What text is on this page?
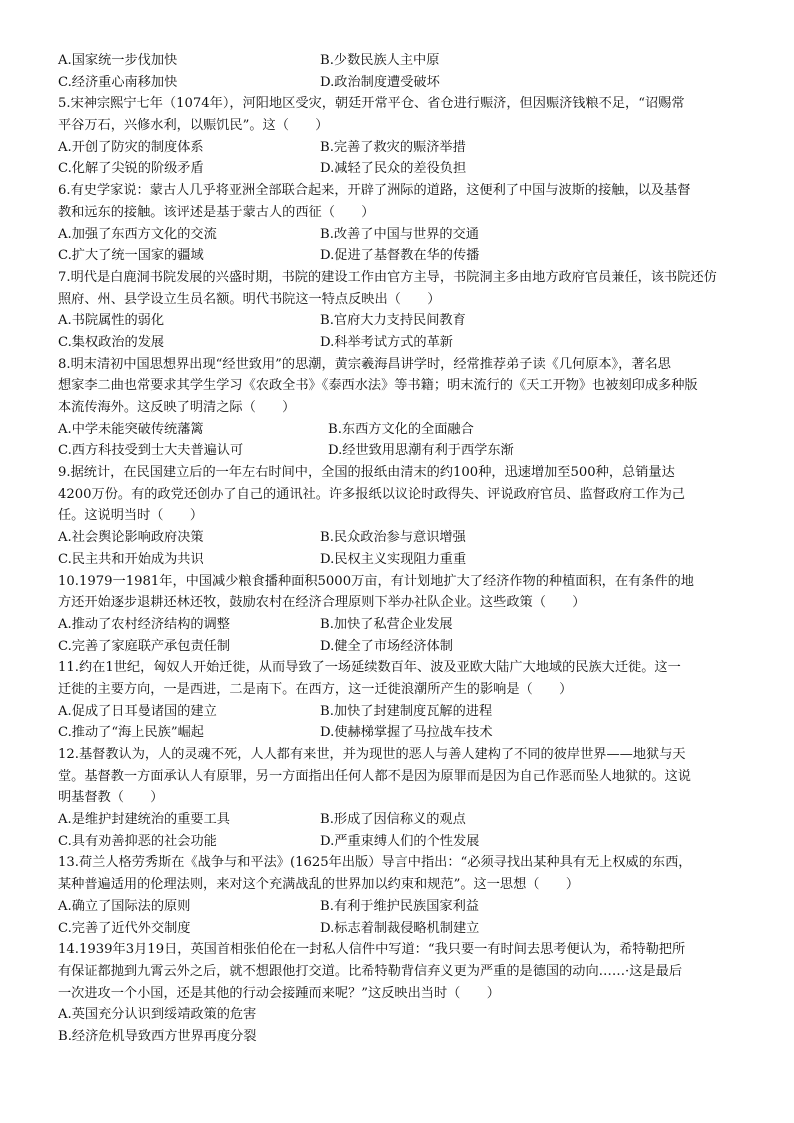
A.国家统一步伐加快	B.少数民族人主中原
C.经济重心南移加快	D.政治制度遭受破坏
5.宋神宗熙宁七年（1074年），河阳地区受灾，朝廷开常平仓、省仓进行赈济，但因赈济钱粮不足，“诏赐常
平谷万石，兴修水利，以赈饥民”。这（　　）
A.开创了防灾的制度体系	B.完善了救灾的赈济举措
C.化解了尖锐的阶级矛盾	D.减轻了民众的差役负担
6.有史学家说：蒙古人几乎将亚洲全部联合起来，开辟了洲际的道路，这便利了中国与波斯的接触，以及基督
教和远东的接触。该评述是基于蒙古人的西征（　　）
A.加强了东西方文化的交流	B.改善了中国与世界的交通
C.扩大了统一国家的疆域	D.促进了基督教在华的传播
7.明代是白鹿洞书院发展的兴盛时期，书院的建设工作由官方主导，书院洞主多由地方政府官员兼任，该书院还仿
照府、州、县学设立生员名额。明代书院这一特点反映出（　　）
A.书院属性的弱化	B.官府大力支持民间教育
C.集权政治的发展	D.科举考试方式的革新
8.明末清初中国思想界出现“经世致用”的思潮，黄宗羲海昌讲学时，经常推荐弟子读《几何原本》，著名思
想家李二曲也常要求其学生学习《农政全书》《泰西水法》等书籍；明末流行的《天工开物》也被刻印成多种版
本流传海外。这反映了明清之际（　　）
A.中学未能突破传统藩篱	B.东西方文化的全面融合
C.西方科技受到士大夫普遍认可	D.经世致用思潮有利于西学东渐
9.据统计，在民国建立后的一年左右时间中，全国的报纸由清末的约100种，迅速增加至500种，总销量达
4200万份。有的政党还创办了自己的通讯社。许多报纸以议论时政得失、评说政府官员、监督政府工作为己
任。这说明当时（　　）
A.社会舆论影响政府决策	B.民众政治参与意识增强
C.民主共和开始成为共识	D.民权主义实现阻力重重
10.1979一1981年，中国减少粮食播种面积5000万亩，有计划地扩大了经济作物的种植面积，在有条件的地
方还开始逐步退耕还林还牧，鼓励农村在经济合理原则下举办社队企业。这些政策（　　）
A.推动了农村经济结构的调整	B.加快了私营企业发展
C.完善了家庭联产承包责任制	D.健全了市场经济体制
11.约在1世纪，匈奴人开始迁徙，从而导致了一场延续数百年、波及亚欧大陆广大地域的民族大迁徙。这一
迁徙的主要方向，一是西进，二是南下。在西方，这一迁徙浪潮所产生的影响是（　　）
A.促成了日耳曼诸国的建立	B.加快了封建制度瓦解的进程
C.推动了“海上民族”崛起	D.使赫梯掌握了马拉战车技术
12.基督教认为，人的灵魂不死，人人都有来世，并为现世的恶人与善人建构了不同的彼岸世界——地狱与天
堂。基督教一方面承认人有原罪，另一方面指出任何人都不是因为原罪而是因为自己作恶而坠人地狱的。这说
明基督教（　　）
A.是维护封建统治的重要工具	B.形成了因信称义的观点
C.具有劝善抑恶的社会功能	D.严重束缚人们的个性发展
13.荷兰人格劳秀斯在《战争与和平法》(1625年出版）导言中指出：“必须寻找出某种具有无上权威的东西，
某种普遍适用的伦理法则，来对这个充满战乱的世界加以约束和规范”。这一思想（　　）
A.确立了国际法的原则	B.有利于维护民族国家利益
C.完善了近代外交制度	D.标志着制裁侵略机制建立
14.1939年3月19日，英国首相张伯伦在一封私人信件中写道：“我只要一有时间去思考便认为，希特勒把所
有保证都抛到九霄云外之后，就不想跟他打交道。比希特勒背信弃义更为严重的是德国的动向……·这是最后
一次进攻一个小国，还是其他的行动会接踵而来呢？”这反映出当时（　　）
A.英国充分认识到绥靖政策的危害
B.经济危机导致西方世界再度分裂
